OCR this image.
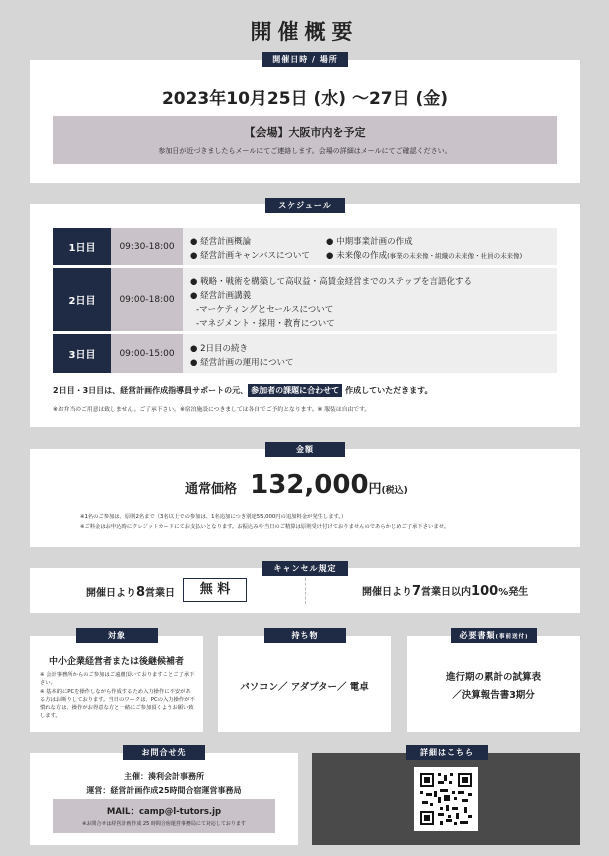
開催概要
開催日時 / 場所
2023年10月25日 (水) ～27日 (金)
【会場】大阪市内を予定
参加日が近づきましたらメールにてご連絡します。会場の詳細はメールにてご確認ください。
スケジュール
1日目	09:30-18:00	● 経営計画概論
● 経営計画キャンバスについて
● 中期事業計画の作成
● 未来像の作成(事業の未来像・組織の未来像・社員の未来像)
2日目	09:00-18:00
● 戦略・戦術を構築して高収益・高賃金経営までのステップを言語化する
● 経営計画講義
-マーケティングとセールスについて
-マネジメント・採用・教育について
3日目	09:00-15:00	● 2日目の続き
● 経営計画の運用について
2日目・3日目は、経営計画作成指導員サポートの元、 参加者の課題に合わせて 作成していただきます。
※お弁当のご用意は致しません。ご了承下さい。※宿泊施設につきましては各自でご予約となります。※ 服装は自由です。
金額
通常価格 132,000円(税込)
※1名のご参加は、原則2名まで（3名以上での参加は、1名追加につき別途55,000円の追加料金が発生します。）
※ご料金はお申込時にクレジットカードにてお支払いとなります。お振込みや当日のご精算は原則受け付けておりませんのであらかじめご了承下さいませ。
キャンセル規定
開催日より8営業日	無 料	開催日より7営業日以内100%発生
対象
中小企業経営者または後継候補者
※ 会計事務所からのご参加はご遠慮頂いておりますことご了承下さい。
※ 基本的にPCを操作しながら作成するため入力操作に不安がある方はお断りしております。当日のワークは、PCの入力操作が不慣れな方は、操作がお得意な方と一緒にご参加頂くようお願い致します。
持ち物
パソコン／ アダプター／ 電卓
必要書類(事前送付)
進行期の累計の試算表
／決算報告書3期分
お問合せ先
主催：湊利会計事務所
運営：経営計画作成25時間合宿運営事務局
MAIL：camp@l-tutors.jp
※お問合せは経営計画作成 25 時間合宿運営事務局にて対応しております
詳細はこちら
